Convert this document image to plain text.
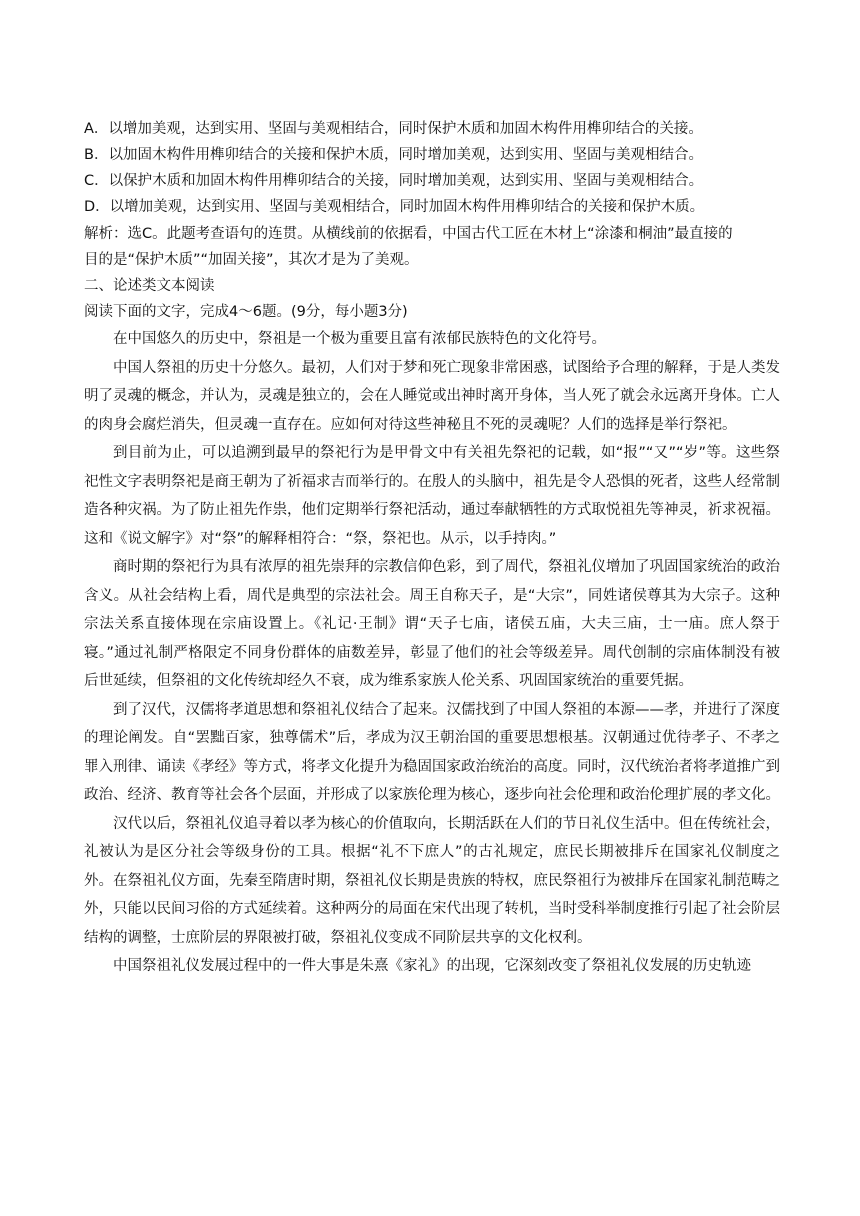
A．以增加美观，达到实用、坚固与美观相结合，同时保护木质和加固木构件用榫卯结合的关接。

B．以加固木构件用榫卯结合的关接和保护木质，同时增加美观，达到实用、坚固与美观相结合。

C．以保护木质和加固木构件用榫卯结合的关接，同时增加美观，达到实用、坚固与美观相结合。

D．以增加美观，达到实用、坚固与美观相结合，同时加固木构件用榫卯结合的关接和保护木质。

解析：选C。此题考查语句的连贯。从横线前的依据看，中国古代工匠在木材上“涂漆和桐油”最直接的

目的是“保护木质”“加固关接”，其次才是为了美观。

二、论述类文本阅读

阅读下面的文字，完成4～6题。(9分，每小题3分)

在中国悠久的历史中，祭祖是一个极为重要且富有浓郁民族特色的文化符号。

中国人祭祖的历史十分悠久。最初，人们对于梦和死亡现象非常困惑，试图给予合理的解释，于是人类发明了灵魂的概念，并认为，灵魂是独立的，会在人睡觉或出神时离开身体，当人死了就会永远离开身体。亡人的肉身会腐烂消失，但灵魂一直存在。应如何对待这些神秘且不死的灵魂呢？人们的选择是举行祭祀。

到目前为止，可以追溯到最早的祭祀行为是甲骨文中有关祖先祭祀的记载，如“报”“又”“岁”等。这些祭祀性文字表明祭祀是商王朝为了祈福求吉而举行的。在殷人的头脑中，祖先是令人恐惧的死者，这些人经常制造各种灾祸。为了防止祖先作祟，他们定期举行祭祀活动，通过奉献牺牲的方式取悦祖先等神灵，祈求祝福。这和《说文解字》对“祭”的解释相符合：“祭，祭祀也。从示，以手持肉。”

商时期的祭祀行为具有浓厚的祖先崇拜的宗教信仰色彩，到了周代，祭祖礼仪增加了巩固国家统治的政治含义。从社会结构上看，周代是典型的宗法社会。周王自称天子，是“大宗”，同姓诸侯尊其为大宗子。这种宗法关系直接体现在宗庙设置上。《礼记·王制》谓“天子七庙，诸侯五庙，大夫三庙，士一庙。庶人祭于寝。”通过礼制严格限定不同身份群体的庙数差异，彰显了他们的社会等级差异。周代创制的宗庙体制没有被后世延续，但祭祖的文化传统却经久不衰，成为维系家族人伦关系、巩固国家统治的重要凭据。

到了汉代，汉儒将孝道思想和祭祖礼仪结合了起来。汉儒找到了中国人祭祖的本源——孝，并进行了深度的理论阐发。自“罢黜百家，独尊儒术”后，孝成为汉王朝治国的重要思想根基。汉朝通过优待孝子、不孝之罪入刑律、诵读《孝经》等方式，将孝文化提升为稳固国家政治统治的高度。同时，汉代统治者将孝道推广到政治、经济、教育等社会各个层面，并形成了以家族伦理为核心，逐步向社会伦理和政治伦理扩展的孝文化。

汉代以后，祭祖礼仪追寻着以孝为核心的价值取向，长期活跃在人们的节日礼仪生活中。但在传统社会，礼被认为是区分社会等级身份的工具。根据“礼不下庶人”的古礼规定，庶民长期被排斥在国家礼仪制度之外。在祭祖礼仪方面，先秦至隋唐时期，祭祖礼仪长期是贵族的特权，庶民祭祖行为被排斥在国家礼制范畴之外，只能以民间习俗的方式延续着。这种两分的局面在宋代出现了转机，当时受科举制度推行引起了社会阶层结构的调整，士庶阶层的界限被打破，祭祖礼仪变成不同阶层共享的文化权利。

中国祭祖礼仪发展过程中的一件大事是朱熹《家礼》的出现，它深刻改变了祭祖礼仪发展的历史轨迹
